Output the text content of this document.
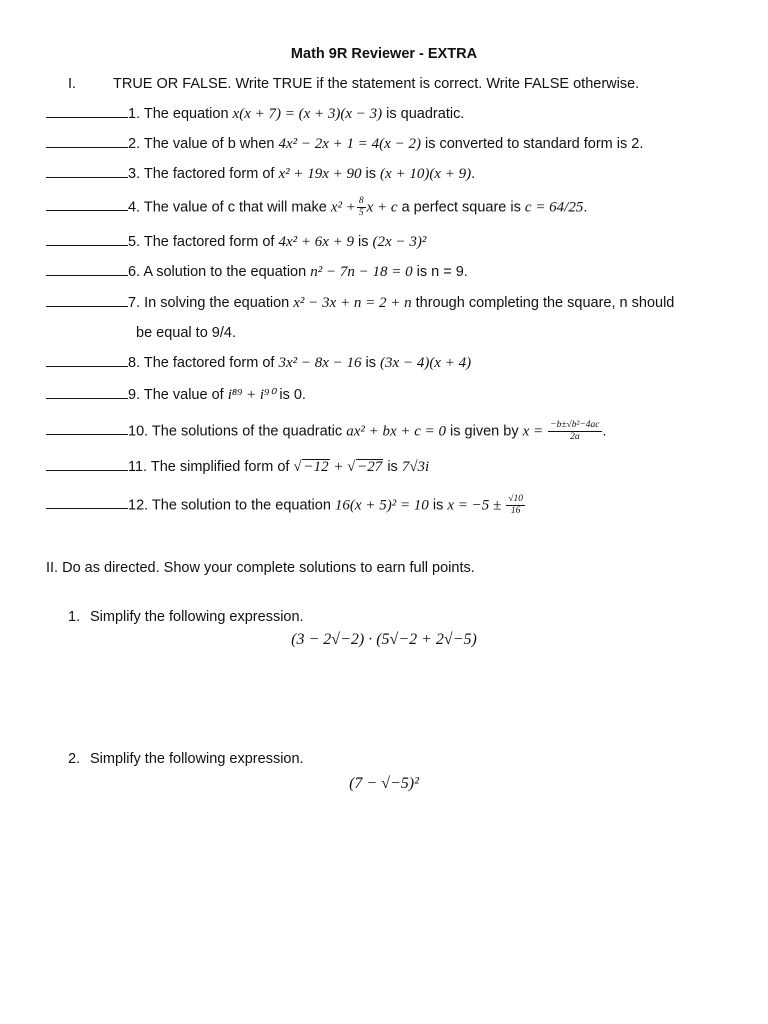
Math 9R Reviewer - EXTRA
I.	TRUE OR FALSE. Write TRUE if the statement is correct. Write FALSE otherwise.
1. The equation x(x + 7) = (x + 3)(x − 3) is quadratic.
2. The value of b when 4x² − 2x + 1 = 4(x − 2) is converted to standard form is 2.
3. The factored form of x² + 19x + 90 is (x + 10)(x + 9).
4. The value of c that will make $x^2 + \frac{8}{5}$ x + c a perfect square is c = 64/25.
5. The factored form of 4x² + 6x + 9 is (2x − 3)²
6. A solution to the equation n² − 7n − 18 = 0 is n = 9.
7. In solving the equation x² − 3x + n = 2 + n through completing the square, n should
be equal to 9/4.
8. The factored form of 3x² − 8x − 16 is (3x − 4)(x + 4)
9. The value of i⁸⁹ + i⁹⁰ is 0.
10. The solutions of the quadratic ax² + bx + c = 0 is given by $x = \frac{\text{−b±√b²−4ac}}{2a}$ .
11. The simplified form of √ −12 + √ −27 is 7√3i
12. The solution to the equation 16(x + 5)² = 10 is $x = -5 \pm \frac{√10}{16}$
II. Do as directed. Show your complete solutions to earn full points.
1. Simplify the following expression.
(3 − 2√−2) · (5√−2 + 2√−5)
2. Simplify the following expression.
(7 − √−5)²
